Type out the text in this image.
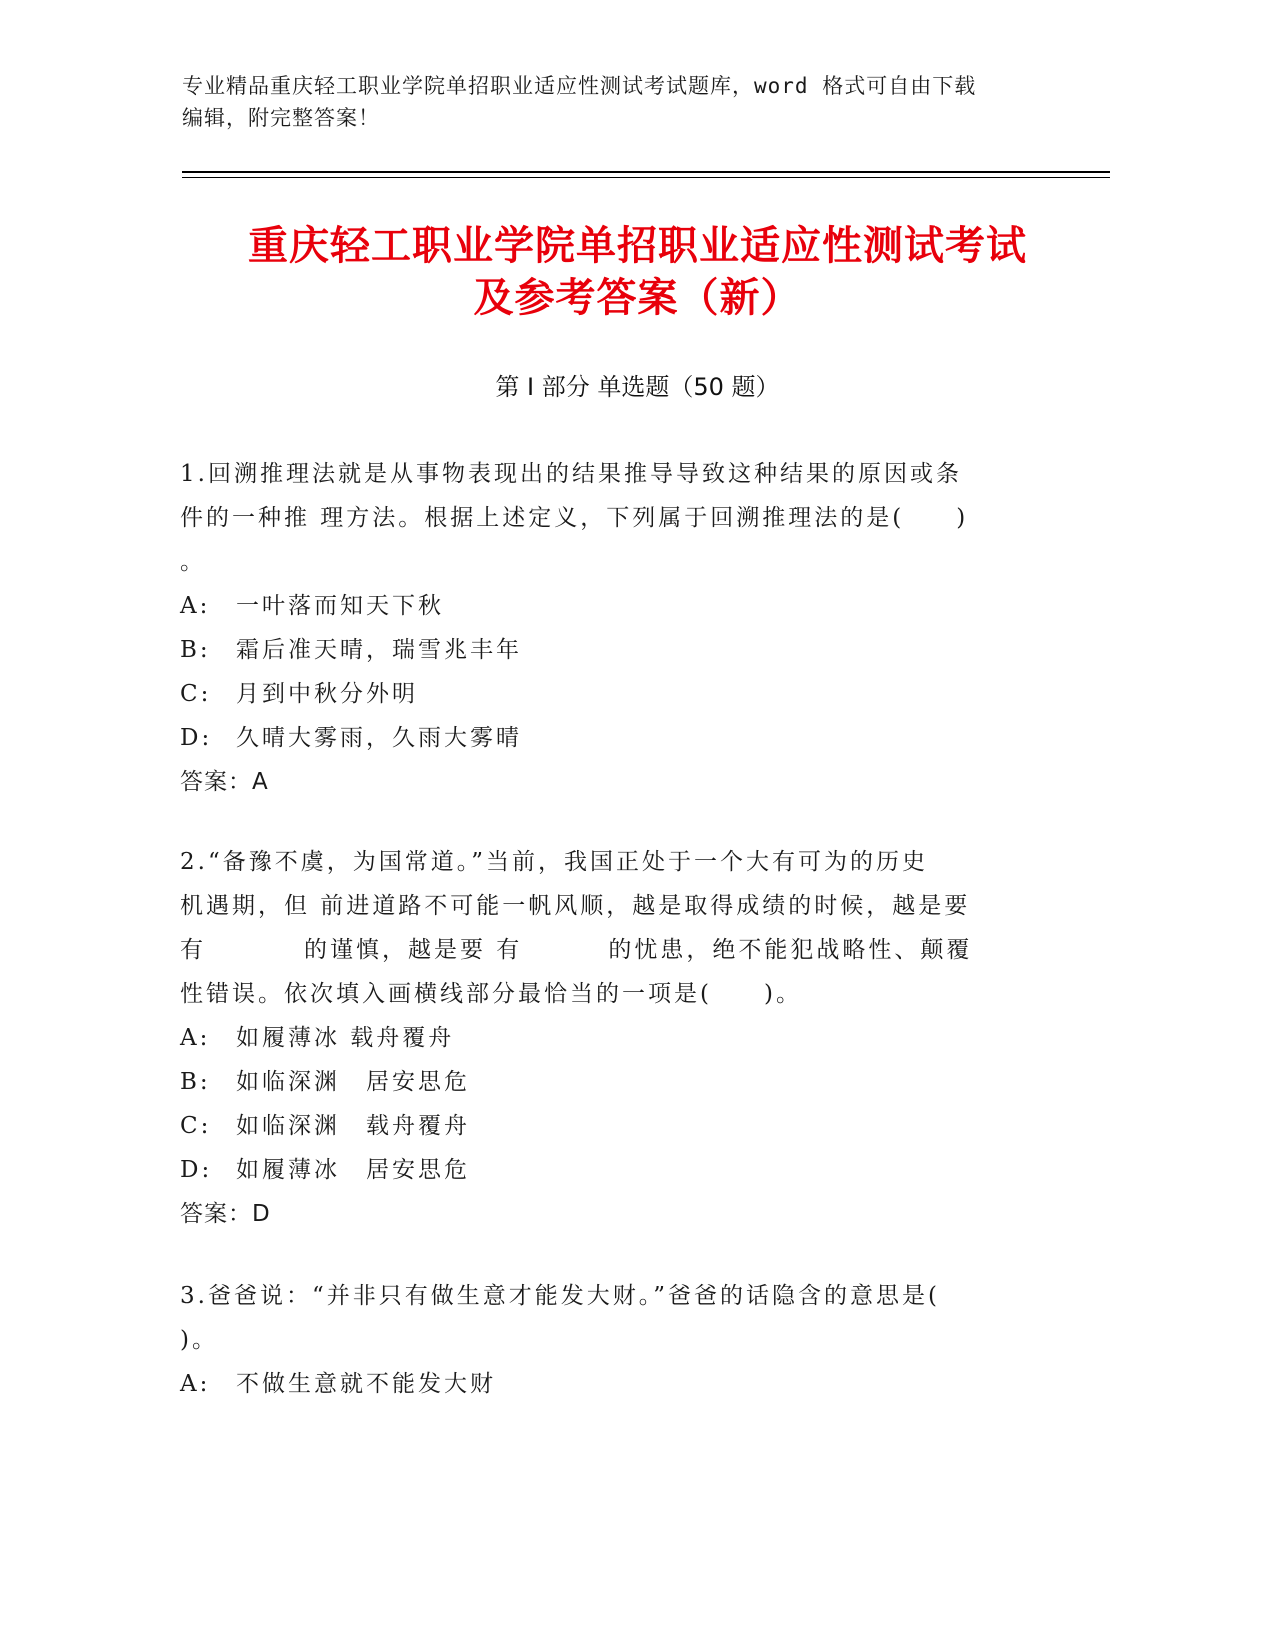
专业精品重庆轻工职业学院单招职业适应性测试考试题库，word 格式可自由下载
编辑，附完整答案！
重庆轻工职业学院单招职业适应性测试考试
及参考答案（新）
第 I 部分 单选题（50 题）
1.回溯推理法就是从事物表现出的结果推导导致这种结果的原因或条
件的一种推 理方法。根据上述定义，下列属于回溯推理法的是(　　)
。
A: 一叶落而知天下秋
B: 霜后准天晴，瑞雪兆丰年
C: 月到中秋分外明
D: 久晴大雾雨，久雨大雾晴
答案：A
2.“备豫不虞，为国常道。”当前，我国正处于一个大有可为的历史
机遇期，但 前进道路不可能一帆风顺，越是取得成绩的时候，越是要
有	的谨慎，越是要 有	的忧患，绝不能犯战略性、颠覆
性错误。依次填入画横线部分最恰当的一项是(　　)。
A: 如履薄冰 载舟覆舟
B: 如临深渊　居安思危
C: 如临深渊　载舟覆舟
D: 如履薄冰　居安思危
答案：D
3.爸爸说：“并非只有做生意才能发大财。”爸爸的话隐含的意思是(
)。
A: 不做生意就不能发大财
